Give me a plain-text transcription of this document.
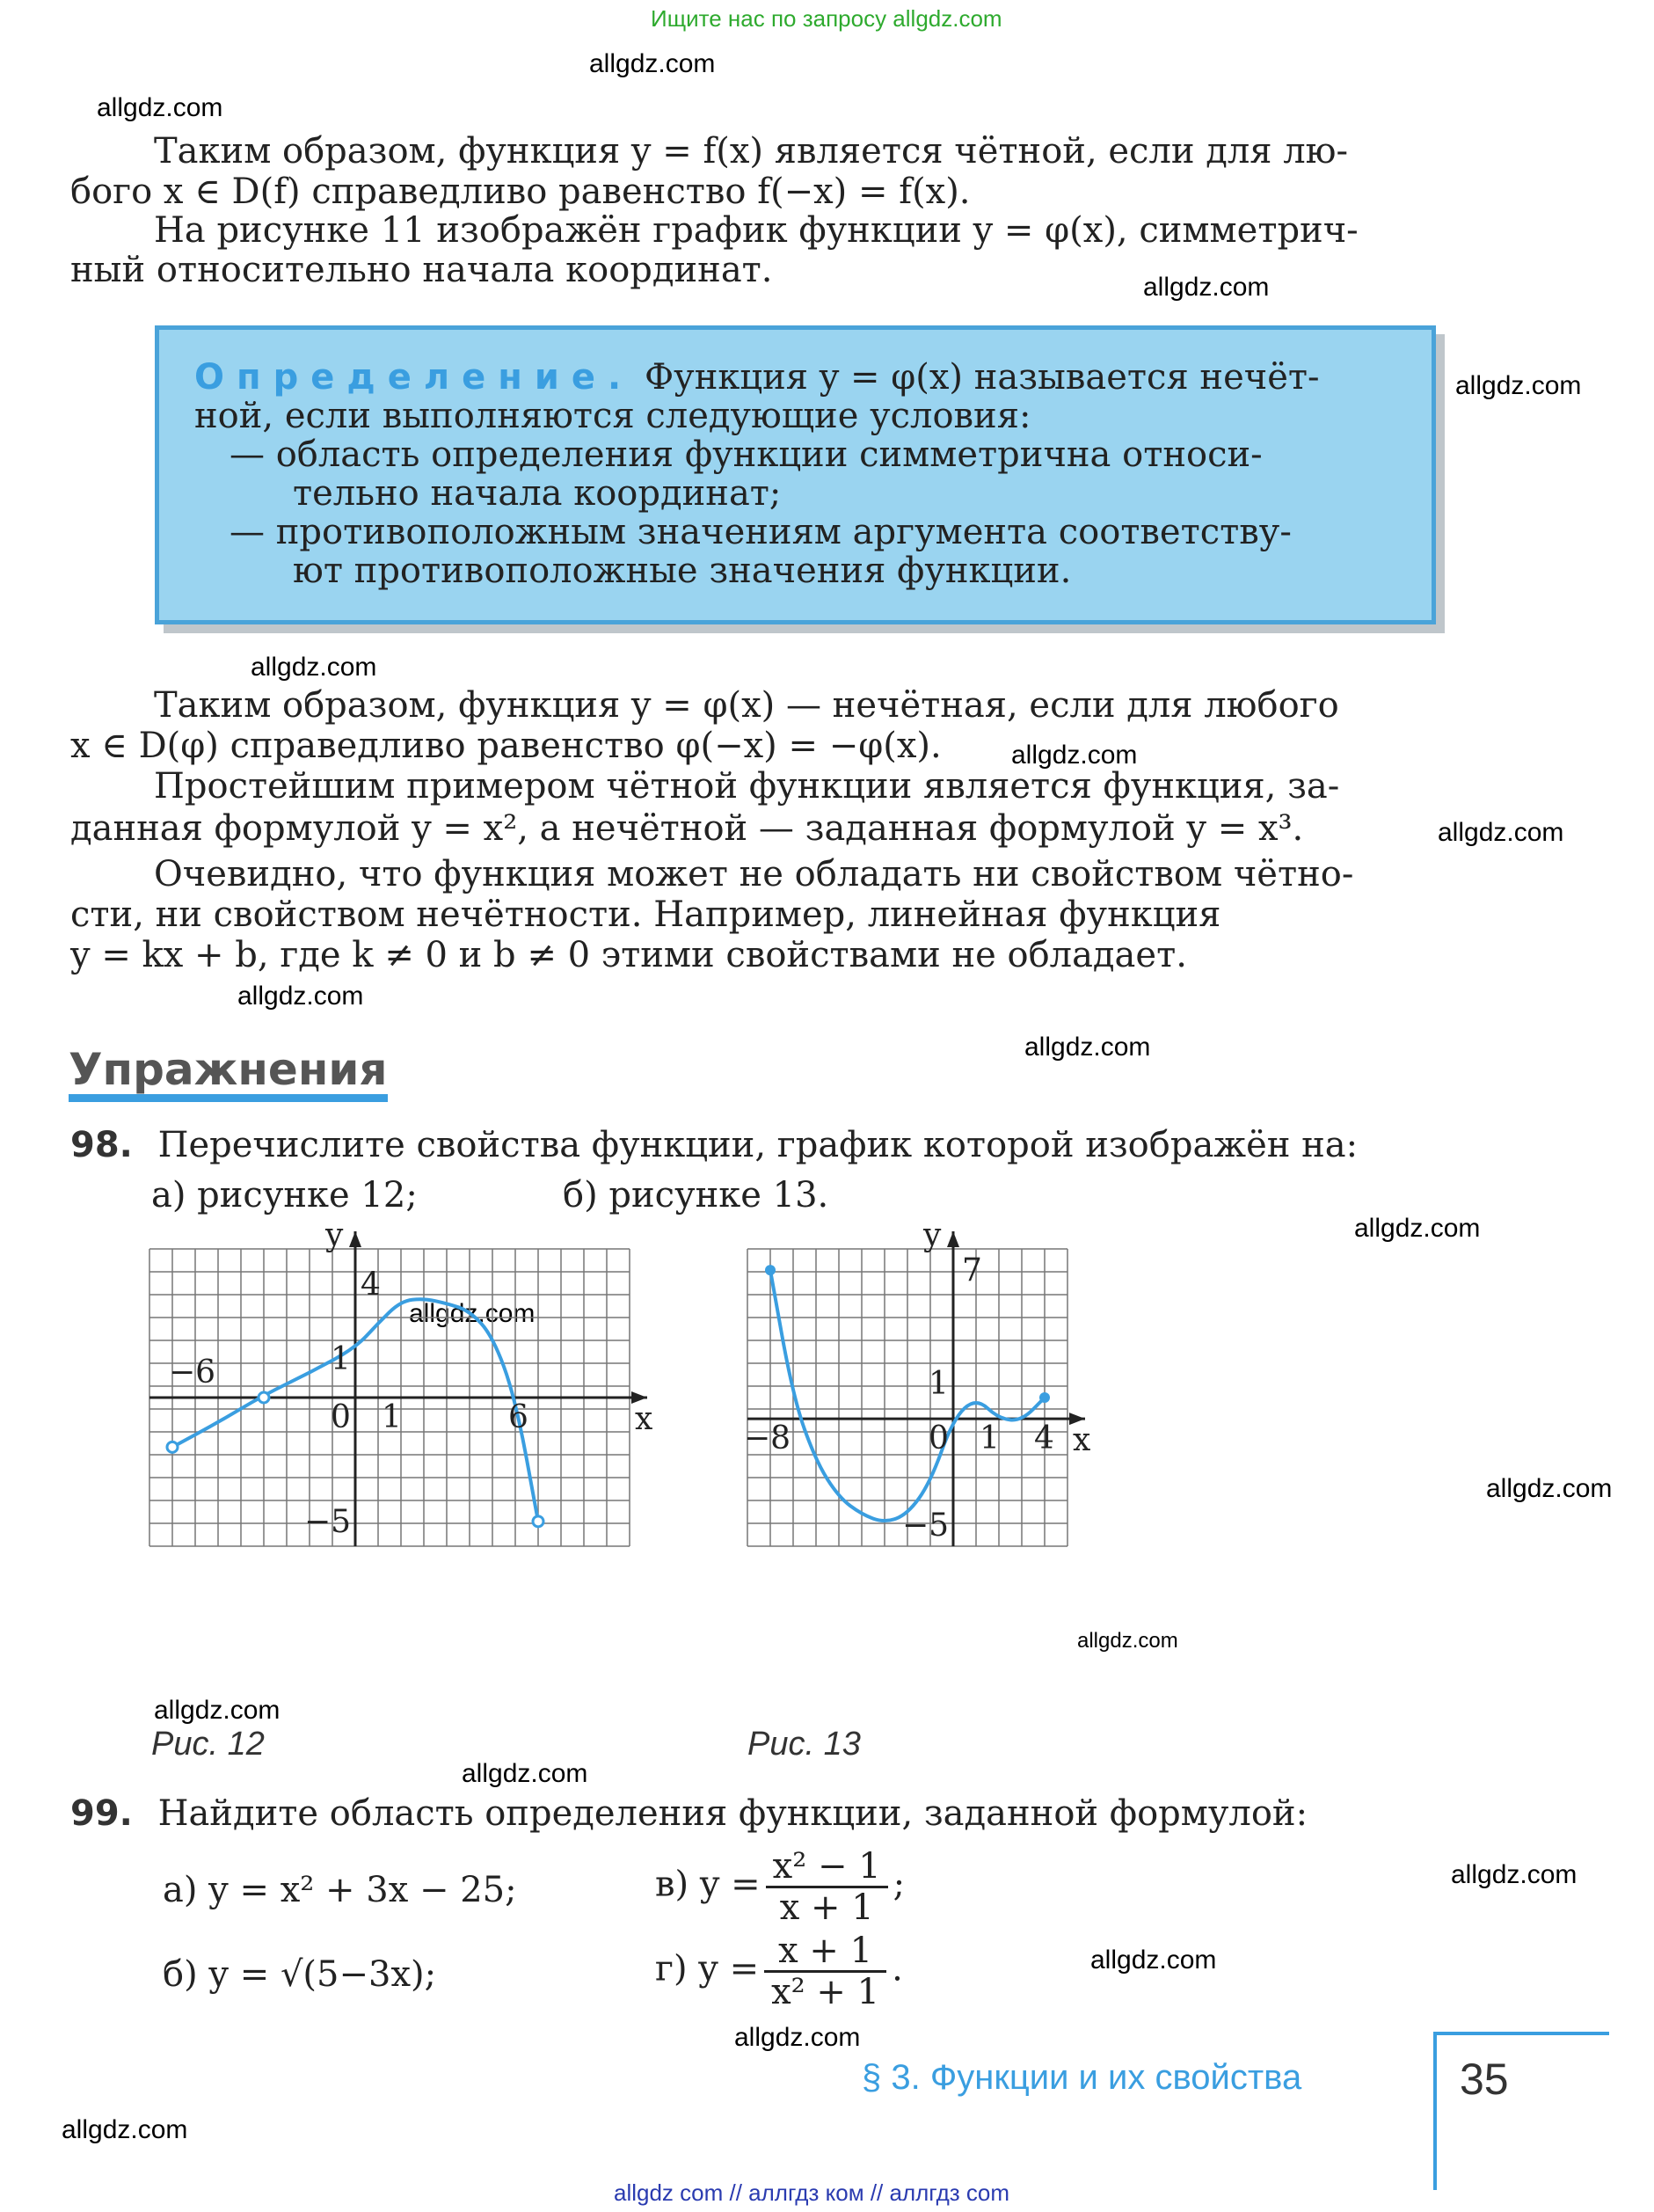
Ищите нас по запросу allgdz.com
allgdz.com
allgdz.com
allgdz.com
allgdz.com
allgdz.com
allgdz.com
allgdz.com
allgdz.com
allgdz.com
allgdz.com
allgdz.com
allgdz.com
allgdz.com
allgdz.com
allgdz.com
allgdz.com
allgdz.com
allgdz.com
allgdz.com
allgdz com // аллгдз ком // аллгдз com
Таким образом, функция y = f(x) является чётной, если для лю-
бого x ∈ D(f) справедливо равенство f(−x) = f(x).
На рисунке 11 изображён график функции y = φ(x), симметрич-
ный относительно начала координат.
Определение. Функция y = φ(x) называется нечёт-
ной, если выполняются следующие условия:
— область определения функции симметрична относи-
тельно начала координат;
— противоположным значениям аргумента соответству-
ют противоположные значения функции.
Таким образом, функция y = φ(x) — нечётная, если для любого
x ∈ D(φ) справедливо равенство φ(−x) = −φ(x).
Простейшим примером чётной функции является функция, за-
данная формулой y = x², а нечётной — заданная формулой y = x³.
Очевидно, что функция может не обладать ни свойством чётно-
сти, ни свойством нечётности. Например, линейная функция
y = kx + b, где k ≠ 0 и b ≠ 0 этими свойствами не обладает.
Упражнения
98. Перечислите свойства функции, график которой изображён на:
а) рисунке 12;	б) рисунке 13.
y
x
0 1
1
−5
4
−6
6
y
x
0 1
1
−5
7
−8	4
Рис. 12	Рис. 13
99. Найдите область определения функции, заданной формулой:
а) y = x² + 3x − 25;
б) y = √(5−3x);
в) $y = \frac{\text{x² − 1}}{x + 1}$ ;
г) $y = \frac{x + 1}{\text{x² + 1}}$ .
§ 3. Функции и их свойства	35
